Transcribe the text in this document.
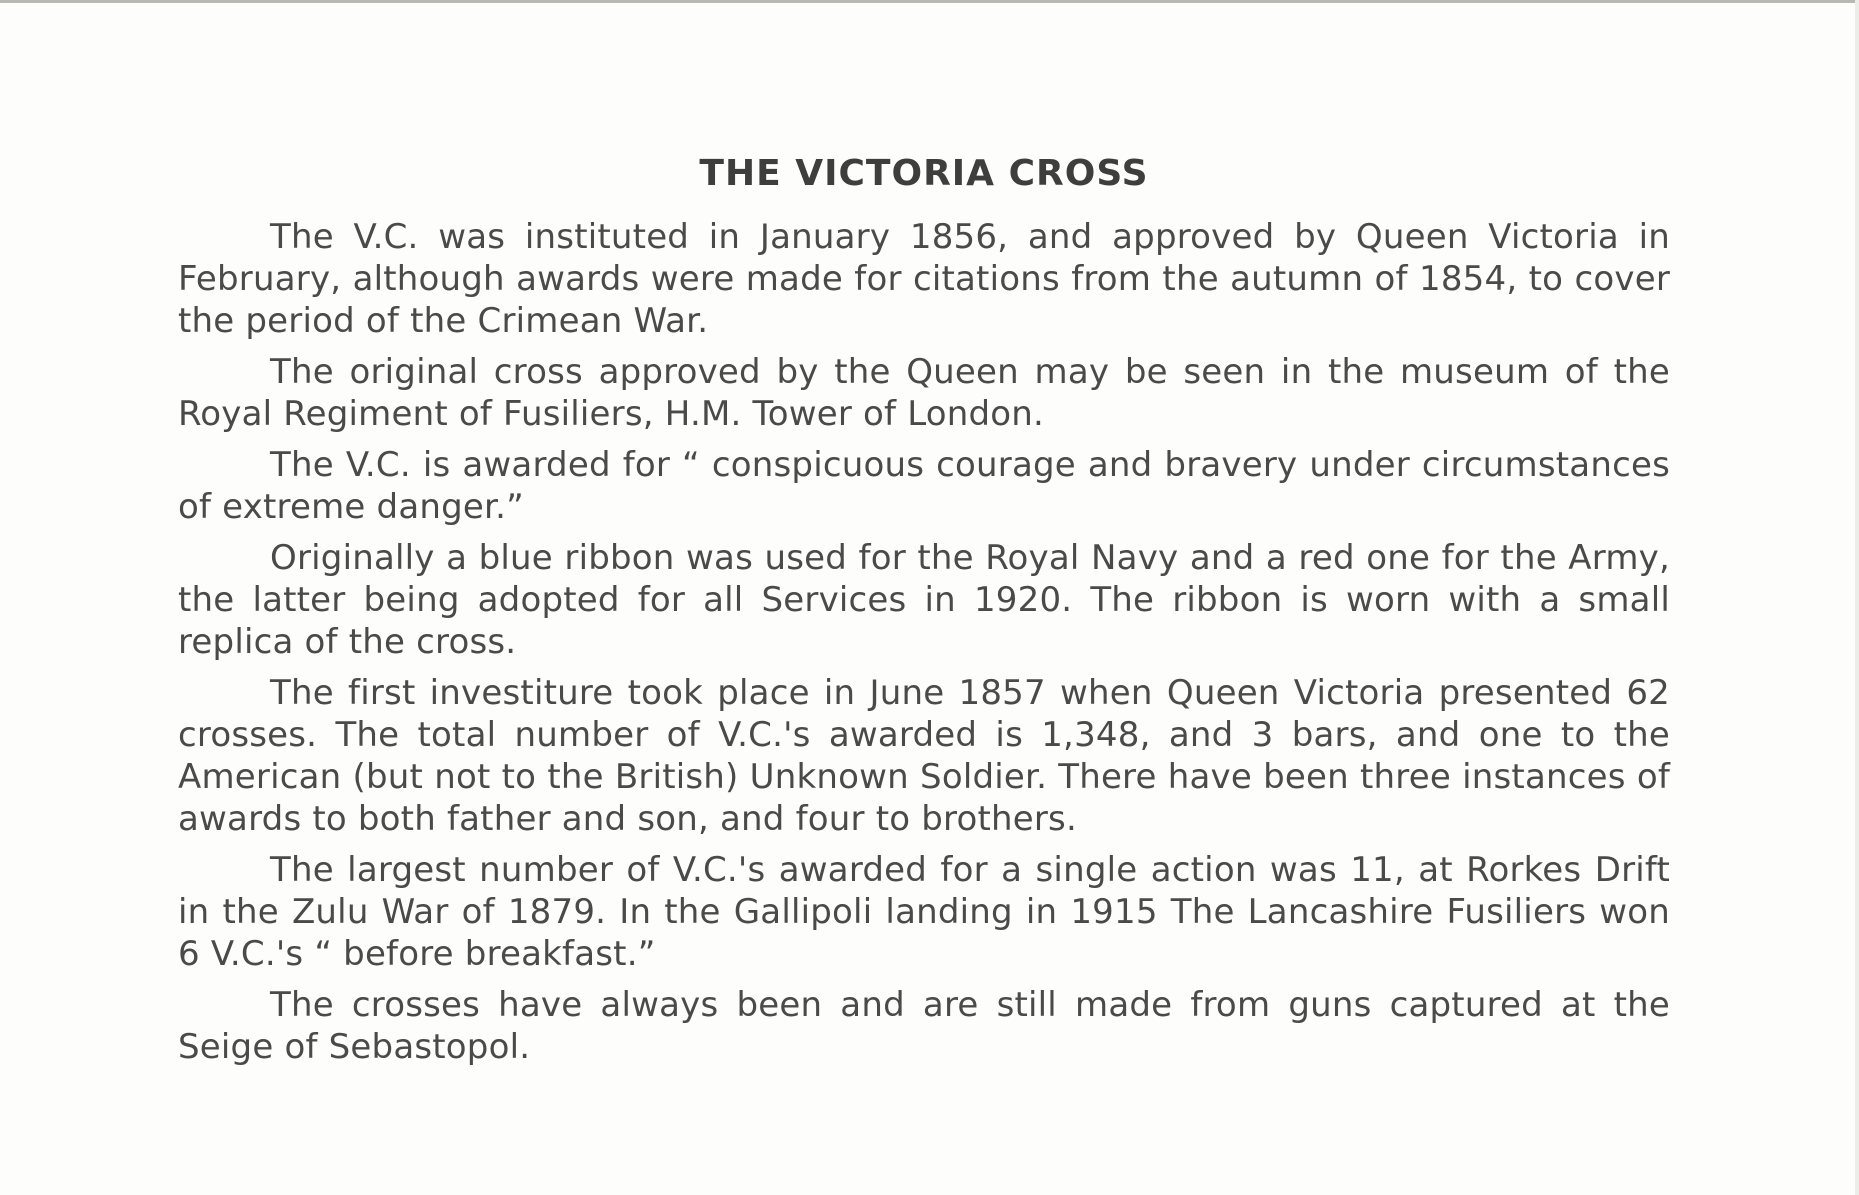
THE VICTORIA CROSS

The V.C. was instituted in January 1856, and approved by Queen Victoria in February, although awards were made for citations from the autumn of 1854, to cover the period of the Crimean War.

The original cross approved by the Queen may be seen in the museum of the Royal Regiment of Fusiliers, H.M. Tower of London.

The V.C. is awarded for “ conspicuous courage and bravery under circumstances of extreme danger.”

Originally a blue ribbon was used for the Royal Navy and a red one for the Army, the latter being adopted for all Services in 1920. The ribbon is worn with a small replica of the cross.

The first investiture took place in June 1857 when Queen Victoria presented 62 crosses. The total number of V.C.'s awarded is 1,348, and 3 bars, and one to the American (but not to the British) Unknown Soldier. There have been three instances of awards to both father and son, and four to brothers.

The largest number of V.C.'s awarded for a single action was 11, at Rorkes Drift in the Zulu War of 1879. In the Gallipoli landing in 1915 The Lancashire Fusiliers won 6 V.C.'s “ before breakfast.”

The crosses have always been and are still made from guns captured at the Seige of Sebastopol.
